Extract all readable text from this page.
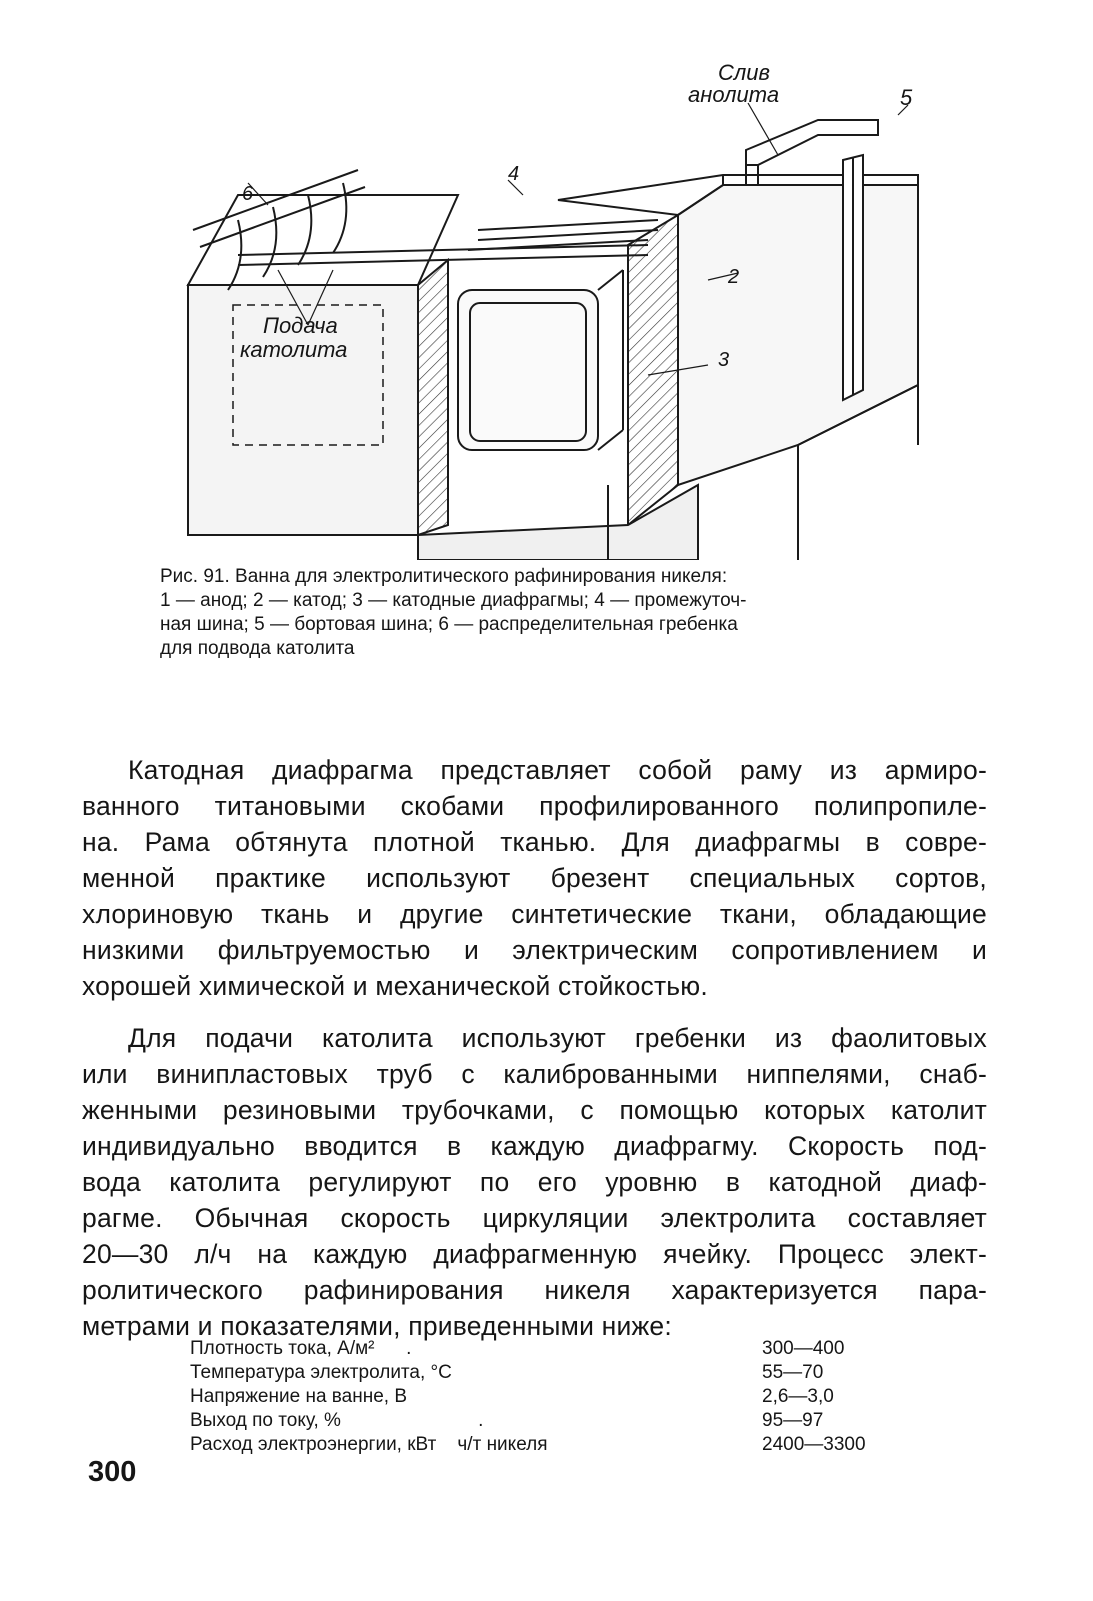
Слив
анолита	5
4
6
2
3
Подача
католита
Рис. 91. Ванна для электролитического рафинирования никеля:
1 — анод; 2 — катод; 3 — катодные диафрагмы; 4 — промежуточ-
ная шина; 5 — бортовая шина; 6 — распределительная гребенка
для подвода католита
Катодная диафрагма представляет собой раму из армиро-
ванного титановыми скобами профилированного полипропиле-
на. Рама обтянута плотной тканью. Для диафрагмы в совре-
менной практике используют брезент специальных сортов,
хлориновую ткань и другие синтетические ткани, обладающие
низкими фильтруемостью и электрическим сопротивлением и
хорошей химической и механической стойкостью.
Для подачи католита используют гребенки из фаолитовых
или винипластовых труб с калиброванными ниппелями, снаб-
женными резиновыми трубочками, с помощью которых католит
индивидуально вводится в каждую диафрагму. Скорость под-
вода католита регулируют по его уровню в катодной диаф-
рагме. Обычная скорость циркуляции электролита составляет
20—30 л/ч на каждую диафрагменную ячейку. Процесс элект-
ролитического рафинирования никеля характеризуется пара-
метрами и показателями, приведенными ниже:
Плотность тока, А/м²      .	300—400
Температура электролита, °С	55—70
Напряжение на ванне, В	2,6—3,0
Выход по току, %                          .	95—97
Расход электроэнергии, кВт    ч/т никеля	2400—3300
300
